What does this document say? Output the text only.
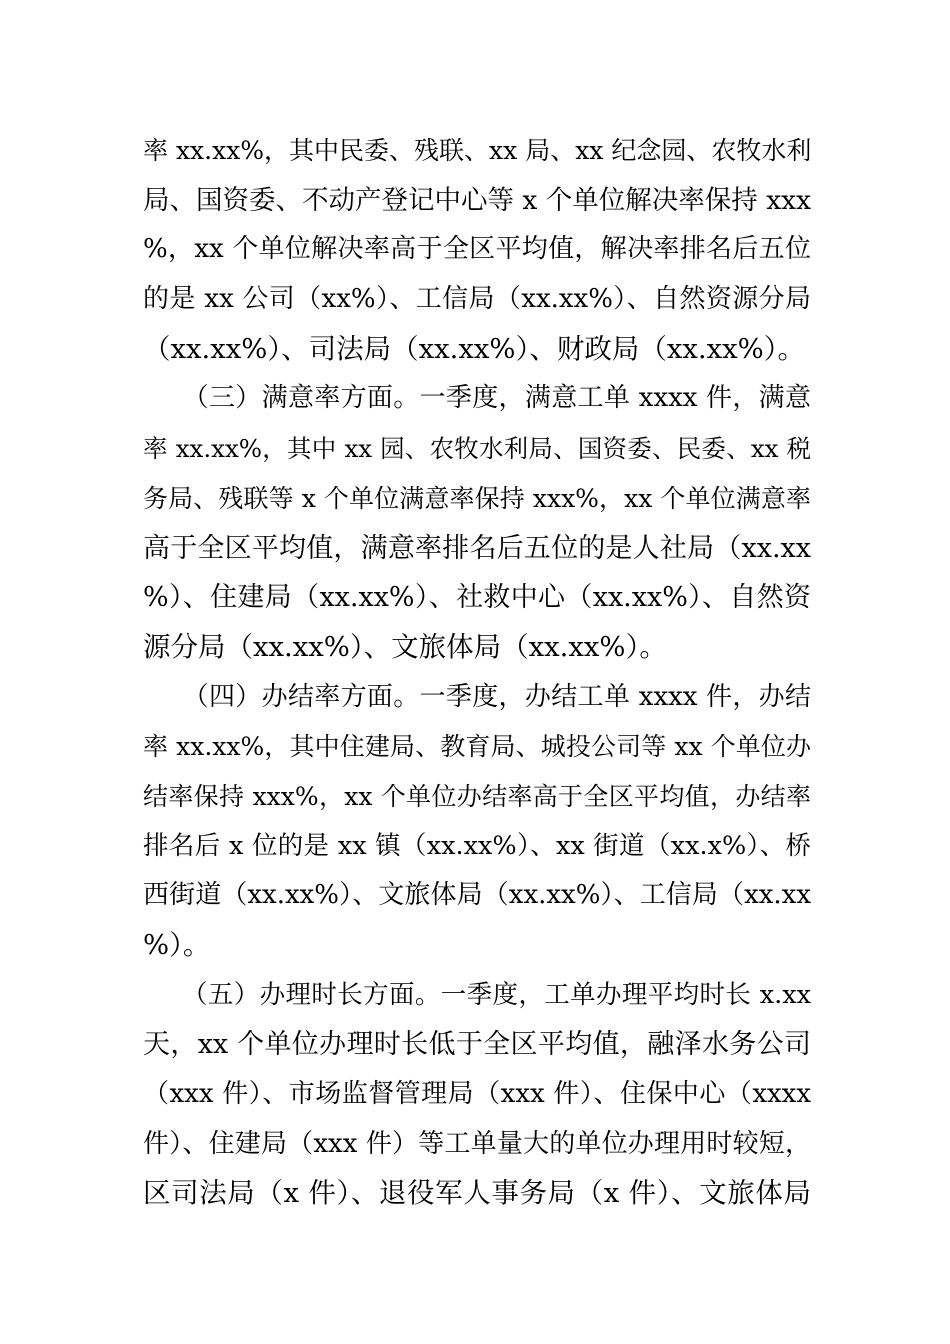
率 xx.xx%，其中民委、残联、xx 局、xx 纪念园、农牧水利
局、国资委、不动产登记中心等 x 个单位解决率保持 xxx
%，xx 个单位解决率高于全区平均值，解决率排名后五位
的是 xx 公司（xx%）、工信局（xx.xx%）、自然资源分局
（xx.xx%）、司法局（xx.xx%）、财政局（xx.xx%）。
　　（三）满意率方面。一季度，满意工单 xxxx 件，满意
率 xx.xx%，其中 xx 园、农牧水利局、国资委、民委、xx 税
务局、残联等 x 个单位满意率保持 xxx%，xx 个单位满意率
高于全区平均值，满意率排名后五位的是人社局（xx.xx
%）、住建局（xx.xx%）、社救中心（xx.xx%）、自然资
源分局（xx.xx%）、文旅体局（xx.xx%）。
　　（四）办结率方面。一季度，办结工单 xxxx 件，办结
率 xx.xx%，其中住建局、教育局、城投公司等 xx 个单位办
结率保持 xxx%，xx 个单位办结率高于全区平均值，办结率
排名后 x 位的是 xx 镇（xx.xx%）、xx 街道（xx.x%）、桥
西街道（xx.xx%）、文旅体局（xx.xx%）、工信局（xx.xx
%）。
　　（五）办理时长方面。一季度，工单办理平均时长 x.xx
天，xx 个单位办理时长低于全区平均值，融泽水务公司
（xxx 件）、市场监督管理局（xxx 件）、住保中心（xxxx
件）、住建局（xxx 件）等工单量大的单位办理用时较短，
区司法局（x 件）、退役军人事务局（x 件）、文旅体局
